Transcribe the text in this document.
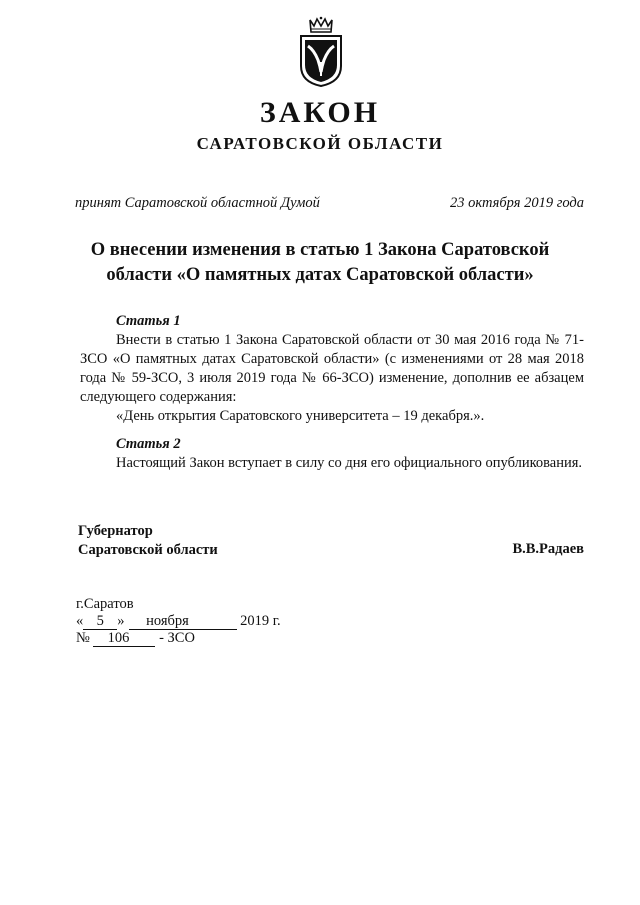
ЗАКОН
САРАТОВСКОЙ ОБЛАСТИ
принят Саратовской областной Думой	23 октября 2019 года
О внесении изменения в статью 1 Закона Саратовской
области «О памятных датах Саратовской области»
Статья 1
Внести в статью 1 Закона Саратовской области от 30 мая 2016 года № 71-ЗСО «О памятных датах Саратовской области» (с изменениями от 28 мая 2018 года № 59-ЗСО, 3 июля 2019 года № 66-ЗСО) изменение, дополнив ее абзацем следующего содержания:
«День открытия Саратовского университета – 19 декабря.».
Статья 2
Настоящий Закон вступает в силу со дня его официального опубликования.
Губернатор
Саратовской области	В.В.Радаев
г.Саратов
« 5 » ноября	2019 г.
№ 106 - ЗСО
